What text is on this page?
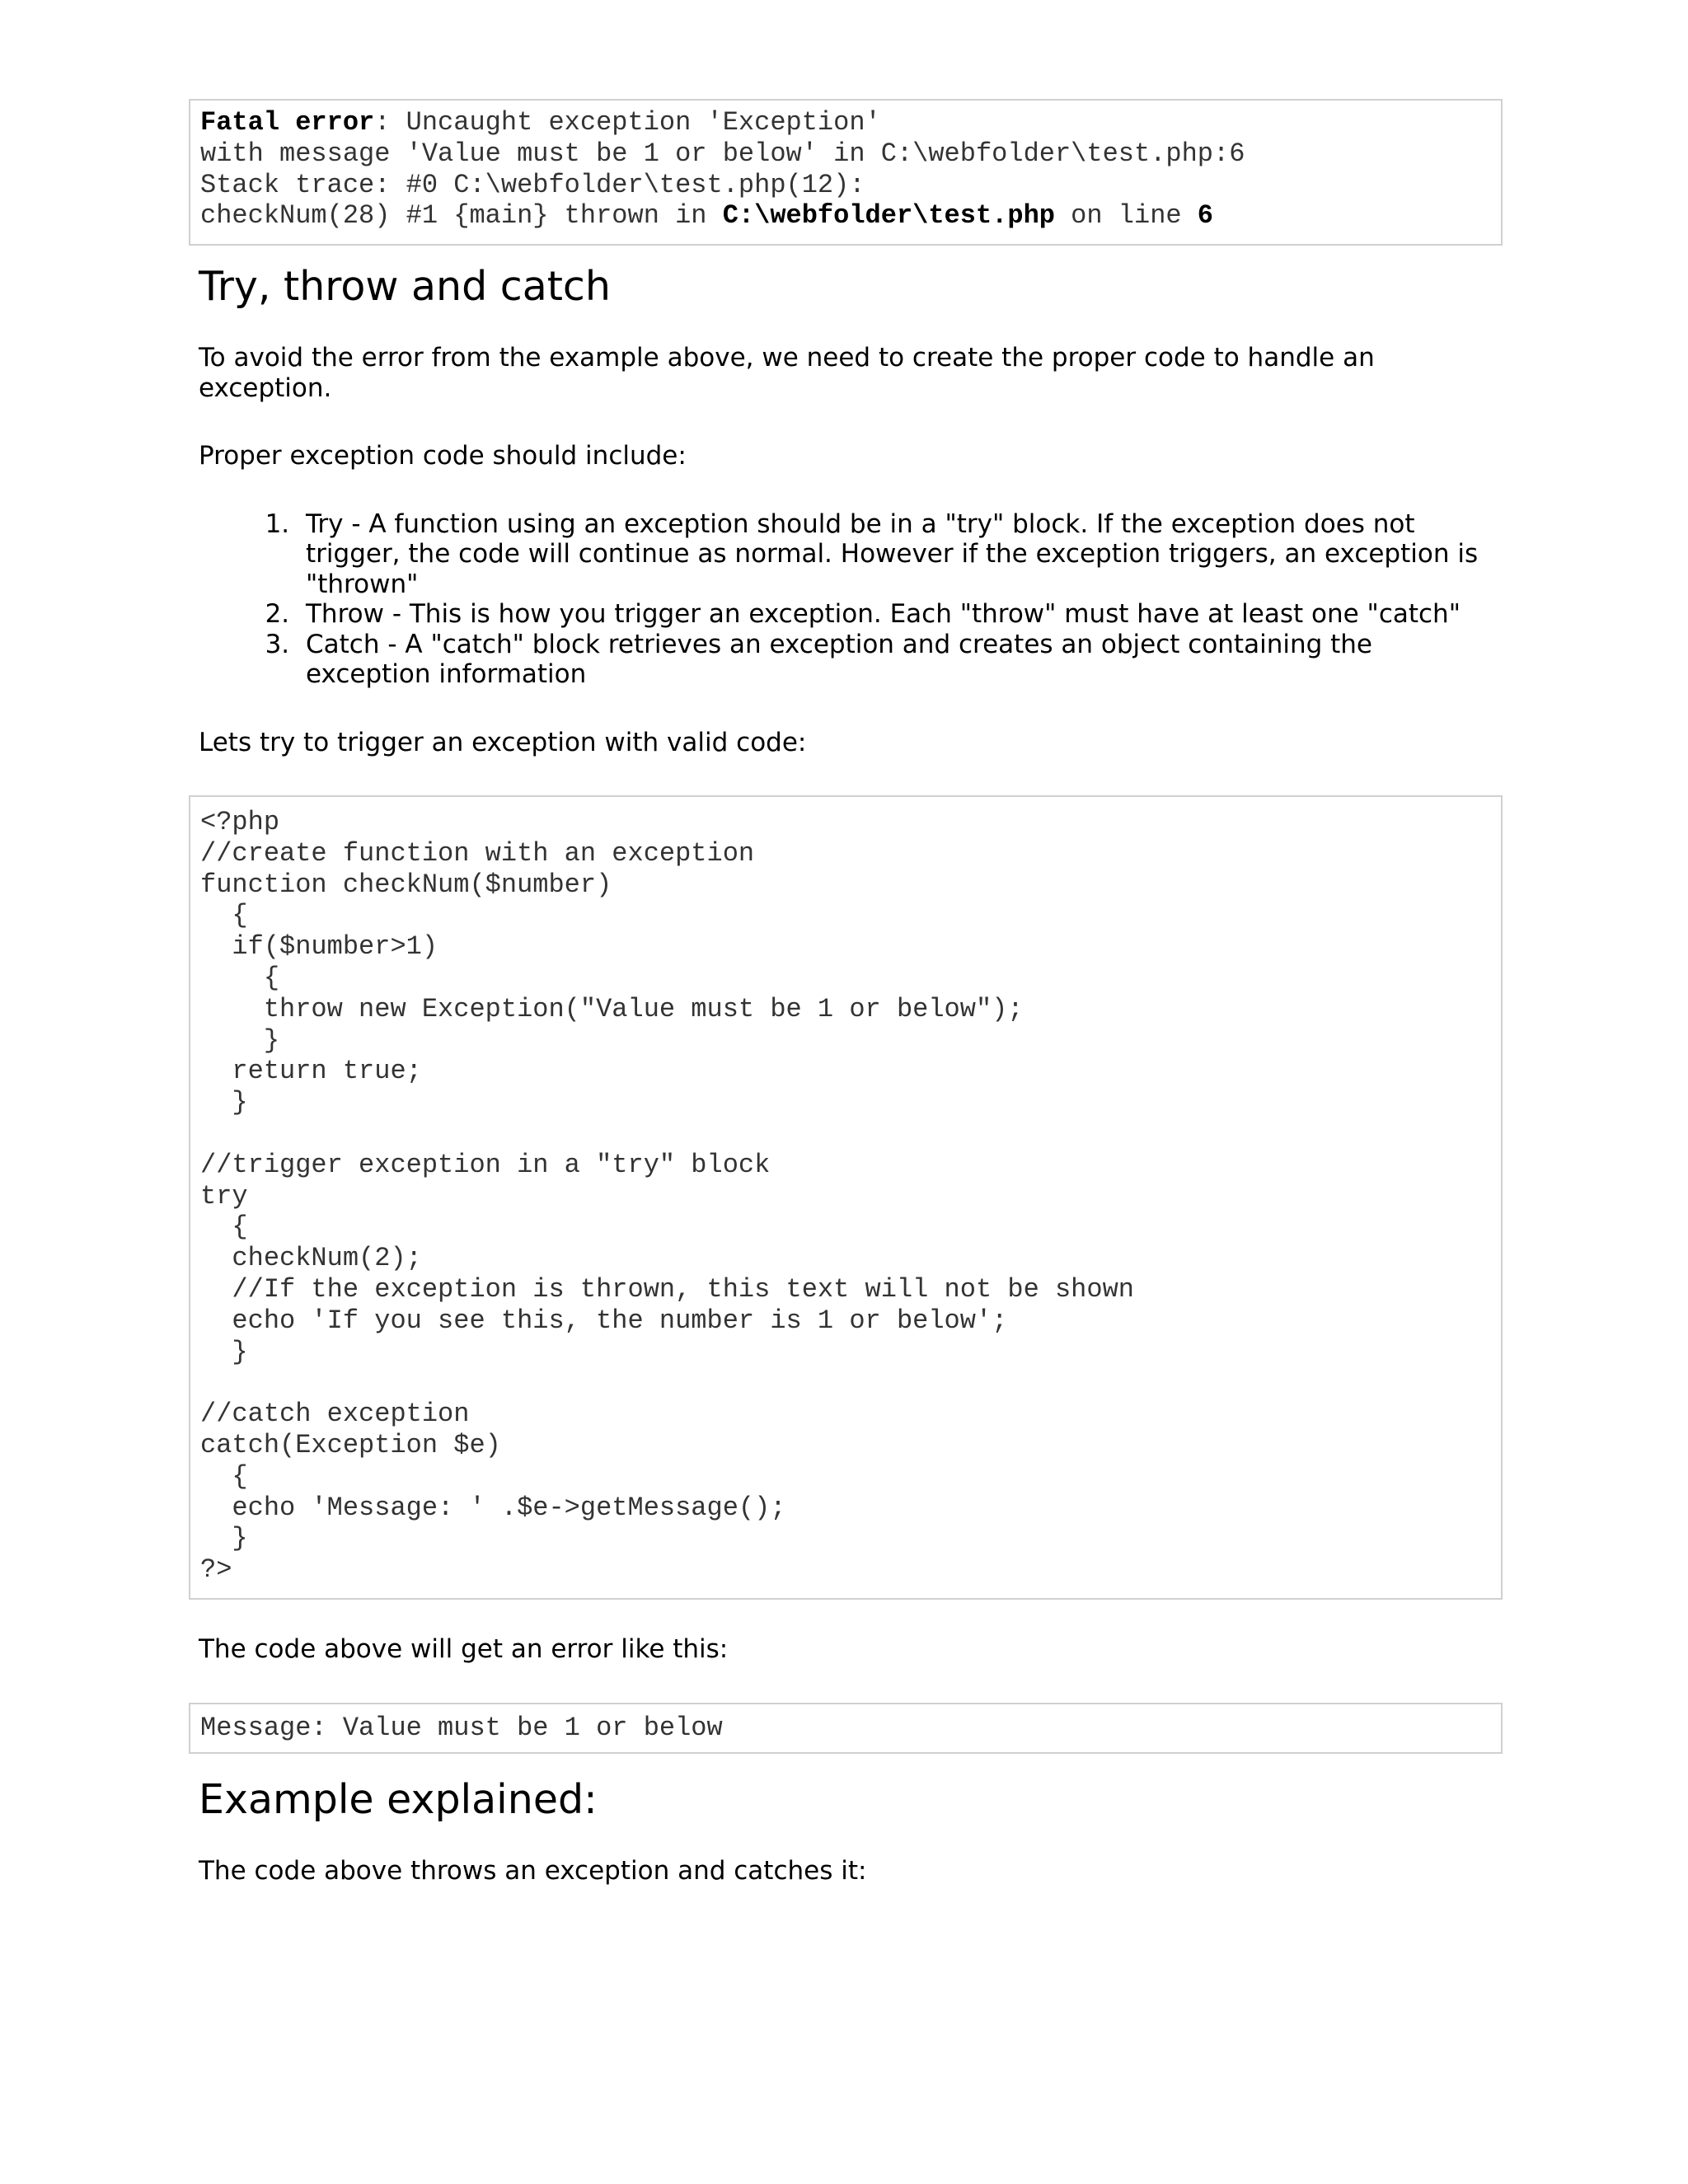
Fatal error: Uncaught exception 'Exception'
with message 'Value must be 1 or below' in C:\webfolder\test.php:6
Stack trace: #0 C:\webfolder\test.php(12):
checkNum(28) #1 {main} thrown in C:\webfolder\test.php on line 6
Try, throw and catch

To avoid the error from the example above, we need to create the proper code to handle an exception.

Proper exception code should include:

1. Try - A function using an exception should be in a "try" block. If the exception does not trigger, the code will continue as normal. However if the exception triggers, an exception is "thrown"
2. Throw - This is how you trigger an exception. Each "throw" must have at least one "catch"
3. Catch - A "catch" block retrieves an exception and creates an object containing the exception information

Lets try to trigger an exception with valid code:

<?php
//create function with an exception
function checkNum($number)
{
if($number>1)
{
throw new Exception("Value must be 1 or below");
}
return true;
}

//trigger exception in a "try" block
try
{
checkNum(2);
//If the exception is thrown, this text will not be shown
echo 'If you see this, the number is 1 or below';
}

//catch exception
catch(Exception $e)
{
echo 'Message: ' .$e->getMessage();
}
?>

The code above will get an error like this:

Message: Value must be 1 or below
Example explained:

The code above throws an exception and catches it:
